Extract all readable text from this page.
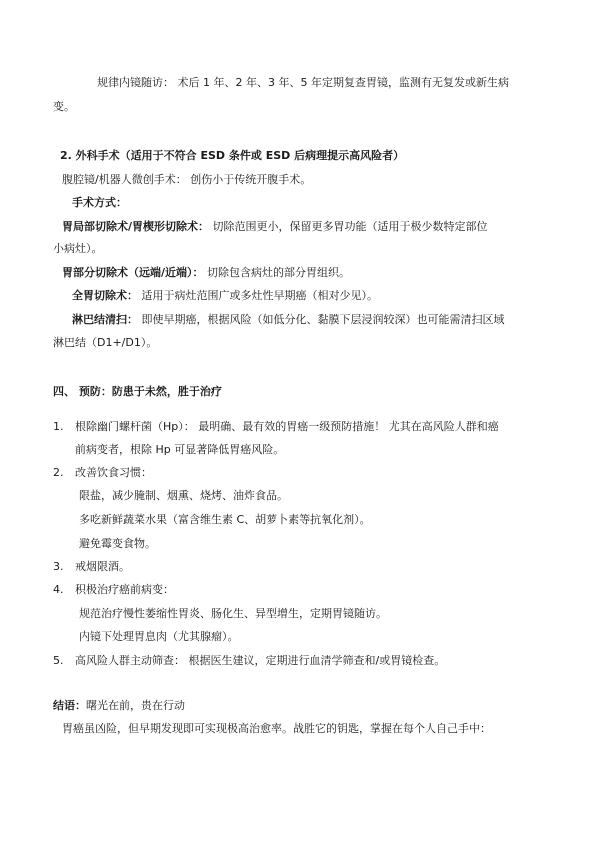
规律内镜随访： 术后 1 年、2 年、3 年、5 年定期复查胃镜，监测有无复发或新生病
变。
2. 外科手术（适用于不符合 ESD 条件或 ESD 后病理提示高风险者）
腹腔镜/机器人微创手术： 创伤小于传统开腹手术。
手术方式：
胃局部切除术/胃楔形切除术： 切除范围更小，保留更多胃功能（适用于极少数特定部位
小病灶）。
胃部分切除术（远端/近端）： 切除包含病灶的部分胃组织。
全胃切除术： 适用于病灶范围广或多灶性早期癌（相对少见）。
淋巴结清扫： 即使早期癌，根据风险（如低分化、黏膜下层浸润较深）也可能需清扫区域
淋巴结（D1+/D1）。
四、 预防：防患于未然，胜于治疗
1. 根除幽门螺杆菌（Hp）： 最明确、最有效的胃癌一级预防措施！ 尤其在高风险人群和癌
前病变者，根除 Hp 可显著降低胃癌风险。
2. 改善饮食习惯：
限盐，减少腌制、烟熏、烧烤、油炸食品。
多吃新鲜蔬菜水果（富含维生素 C、胡萝卜素等抗氧化剂）。
避免霉变食物。
3. 戒烟限酒。
4. 积极治疗癌前病变：
规范治疗慢性萎缩性胃炎、肠化生、异型增生，定期胃镜随访。
内镜下处理胃息肉（尤其腺瘤）。
5. 高风险人群主动筛查： 根据医生建议，定期进行血清学筛查和/或胃镜检查。
结语：曙光在前，贵在行动
胃癌虽凶险，但早期发现即可实现极高治愈率。战胜它的钥匙，掌握在每个人自己手中：
